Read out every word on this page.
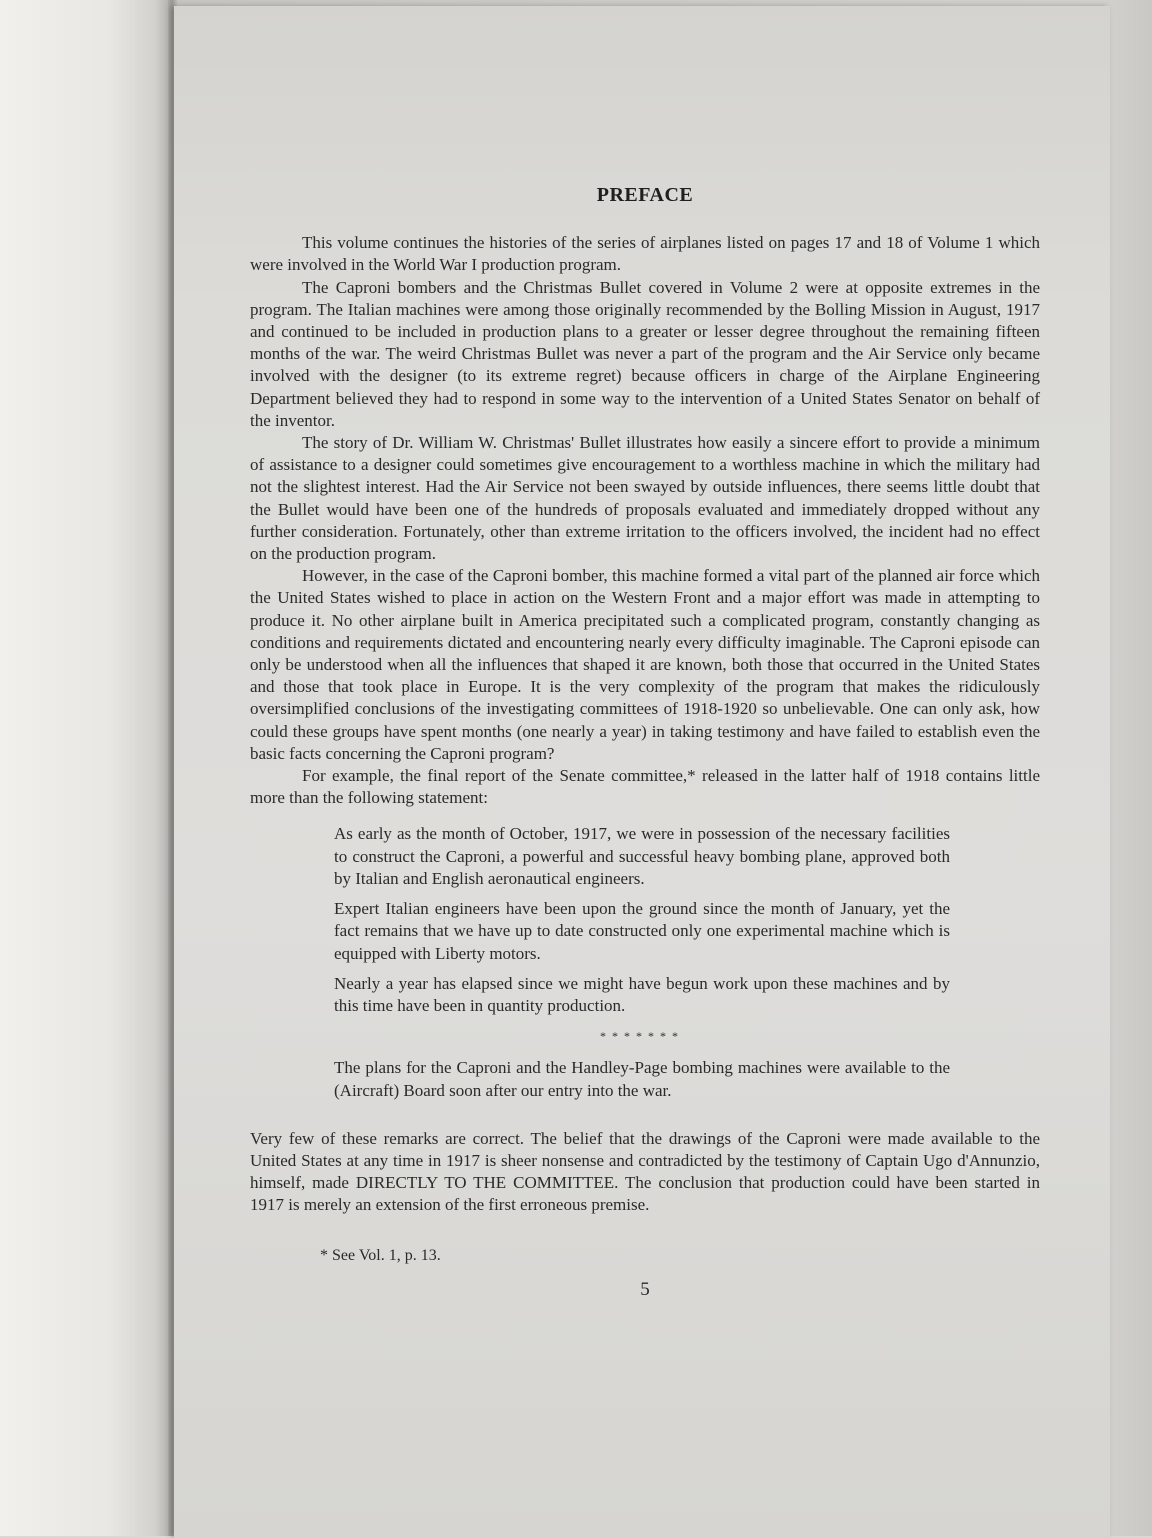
PREFACE

This volume continues the histories of the series of airplanes listed on pages 17 and 18 of Volume 1 which were involved in the World War I production program.

The Caproni bombers and the Christmas Bullet covered in Volume 2 were at opposite extremes in the program. The Italian machines were among those originally recommended by the Bolling Mission in August, 1917 and continued to be included in production plans to a greater or lesser degree throughout the remaining fifteen months of the war. The weird Christmas Bullet was never a part of the program and the Air Service only became involved with the designer (to its extreme regret) because officers in charge of the Airplane Engineering Department believed they had to respond in some way to the intervention of a United States Senator on behalf of the inventor.

The story of Dr. William W. Christmas' Bullet illustrates how easily a sincere effort to provide a minimum of assistance to a designer could sometimes give encouragement to a worthless machine in which the military had not the slightest interest. Had the Air Service not been swayed by outside influences, there seems little doubt that the Bullet would have been one of the hundreds of proposals evaluated and immediately dropped without any further consideration. Fortunately, other than extreme irritation to the officers involved, the incident had no effect on the production program.

However, in the case of the Caproni bomber, this machine formed a vital part of the planned air force which the United States wished to place in action on the Western Front and a major effort was made in attempting to produce it. No other airplane built in America precipitated such a complicated program, constantly changing as conditions and requirements dictated and encountering nearly every difficulty imaginable. The Caproni episode can only be understood when all the influences that shaped it are known, both those that occurred in the United States and those that took place in Europe. It is the very complexity of the program that makes the ridiculously oversimplified conclusions of the investigating committees of 1918-1920 so unbelievable. One can only ask, how could these groups have spent months (one nearly a year) in taking testimony and have failed to establish even the basic facts concerning the Caproni program?

For example, the final report of the Senate committee,* released in the latter half of 1918 contains little more than the following statement:

As early as the month of October, 1917, we were in possession of the necessary facilities to construct the Caproni, a powerful and successful heavy bombing plane, approved both by Italian and English aeronautical engineers.

Expert Italian engineers have been upon the ground since the month of January, yet the fact remains that we have up to date constructed only one experimental machine which is equipped with Liberty motors.

Nearly a year has elapsed since we might have begun work upon these machines and by this time have been in quantity production.

*******

The plans for the Caproni and the Handley-Page bombing machines were available to the (Aircraft) Board soon after our entry into the war.

Very few of these remarks are correct. The belief that the drawings of the Caproni were made available to the United States at any time in 1917 is sheer nonsense and contradicted by the testimony of Captain Ugo d'Annunzio, himself, made DIRECTLY TO THE COMMITTEE. The conclusion that production could have been started in 1917 is merely an extension of the first erroneous premise.

* See Vol. 1, p. 13.
5
